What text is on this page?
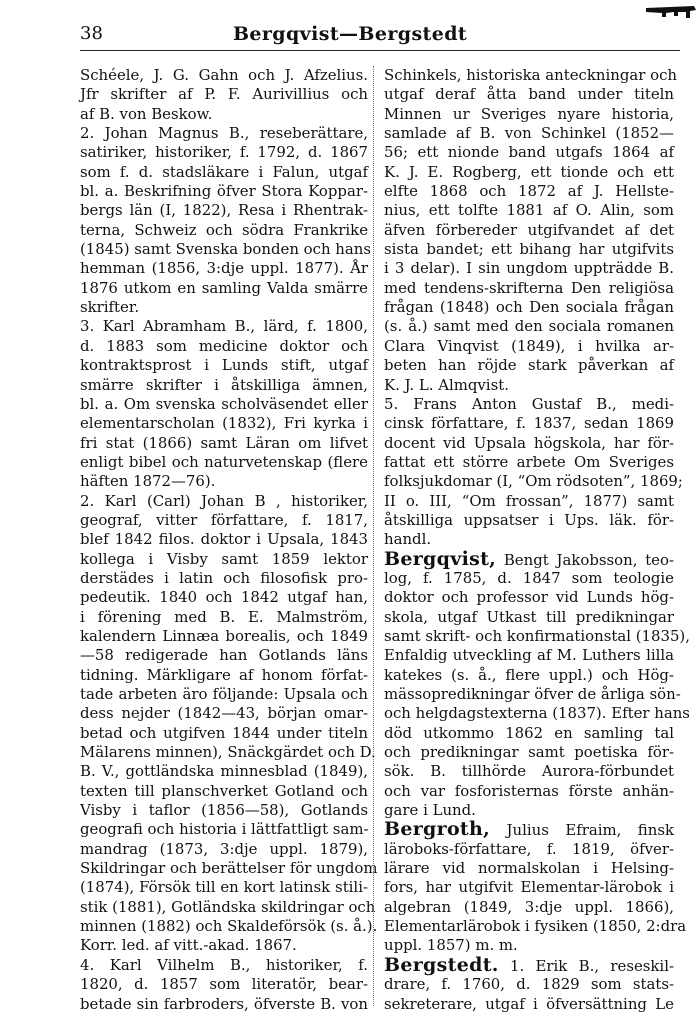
38	Bergqvist—Bergstedt
Schéele, J. G. Gahn och J. Afzelius.
Jfr skrifter af P. F. Aurivillius och
af B. von Beskow.
2. Johan Magnus B., reseberättare,
satiriker, historiker, f. 1792, d. 1867
som f. d. stadsläkare i Falun, utgaf
bl. a. Beskrifning öfver Stora Koppar-
bergs län (I, 1822), Resa i Rhentrak-
terna, Schweiz och södra Frankrike
(1845) samt Svenska bonden och hans
hemman (1856, 3:dje uppl. 1877). År
1876 utkom en samling Valda smärre
skrifter.
3. Karl Abramham B., lärd, f. 1800,
d. 1883 som medicine doktor och
kontraktsprost i Lunds stift, utgaf
smärre skrifter i åtskilliga ämnen,
bl. a. Om svenska scholväsendet eller
elementarscholan (1832), Fri kyrka i
fri stat (1866) samt Läran om lifvet
enligt bibel och naturvetenskap (flere
häften 1872—76).
2. Karl (Carl) Johan B , historiker,
geograf, vitter författare, f. 1817,
blef 1842 filos. doktor i Upsala, 1843
kollega i Visby samt 1859 lektor
derstädes i latin och filosofisk pro-
pedeutik. 1840 och 1842 utgaf han,
i förening med B. E. Malmström,
kalendern Linnæa borealis, och 1849
—58 redigerade han Gotlands läns
tidning. Märkligare af honom förfat-
tade arbeten äro följande: Upsala och
dess nejder (1842—43, början omar-
betad och utgifven 1844 under titeln
Mälarens minnen), Snäckgärdet och D.
B. V., gottländska minnesblad (1849),
texten till planschverket Gotland och
Visby i taflor (1856—58), Gotlands
geografi och historia i lättfattligt sam-
mandrag (1873, 3:dje uppl. 1879),
Skildringar och berättelser för ungdom
(1874), Försök till en kort latinsk stili-
stik (1881), Gotländska skildringar och
minnen (1882) och Skaldeförsök (s. å.).
Korr. led. af vitt.-akad. 1867.
4. Karl Vilhelm B., historiker, f.
1820, d. 1857 som literatör, bear-
betade sin farbroders, öfverste B. von
Schinkels, historiska anteckningar och
utgaf deraf åtta band under titeln
Minnen ur Sveriges nyare historia,
samlade af B. von Schinkel (1852—
56; ett nionde band utgafs 1864 af
K. J. E. Rogberg, ett tionde och ett
elfte 1868 och 1872 af J. Hellste-
nius, ett tolfte 1881 af O. Alin, som
äfven förbereder utgifvandet af det
sista bandet; ett bihang har utgifvits
i 3 delar). I sin ungdom uppträdde B.
med tendens-skrifterna Den religiösa
frågan (1848) och Den sociala frågan
(s. å.) samt med den sociala romanen
Clara Vinqvist (1849), i hvilka ar-
beten han röjde stark påverkan af
K. J. L. Almqvist.
5. Frans Anton Gustaf B., medi-
cinsk författare, f. 1837, sedan 1869
docent vid Upsala högskola, har för-
fattat ett större arbete Om Sveriges
folksjukdomar (I, “Om rödsoten”, 1869;
II o. III, “Om frossan”, 1877) samt
åtskilliga uppsatser i Ups. läk. för-
handl.
Bergqvist, Bengt Jakobsson, teo-
log, f. 1785, d. 1847 som teologie
doktor och professor vid Lunds hög-
skola, utgaf Utkast till predikningar
samt skrift- och konfirmationstal (1835),
Enfaldig utveckling af M. Luthers lilla
katekes (s. å., flere uppl.) och Hög-
mässopredikningar öfver de årliga sön-
och helgdagstexterna (1837). Efter hans
död utkommo 1862 en samling tal
och predikningar samt poetiska för-
sök. B. tillhörde Aurora-förbundet
och var fosforisternas förste anhän-
gare i Lund.
Bergroth, Julius Efraim, finsk
läroboks-författare, f. 1819, öfver-
lärare vid normalskolan i Helsing-
fors, har utgifvit Elementar-lärobok i
algebran (1849, 3:dje uppl. 1866),
Elementarlärobok i fysiken (1850, 2:dra
uppl. 1857) m. m.
Bergstedt. 1. Erik B., reseskil-
drare, f. 1760, d. 1829 som stats-
sekreterare, utgaf i öfversättning Le
